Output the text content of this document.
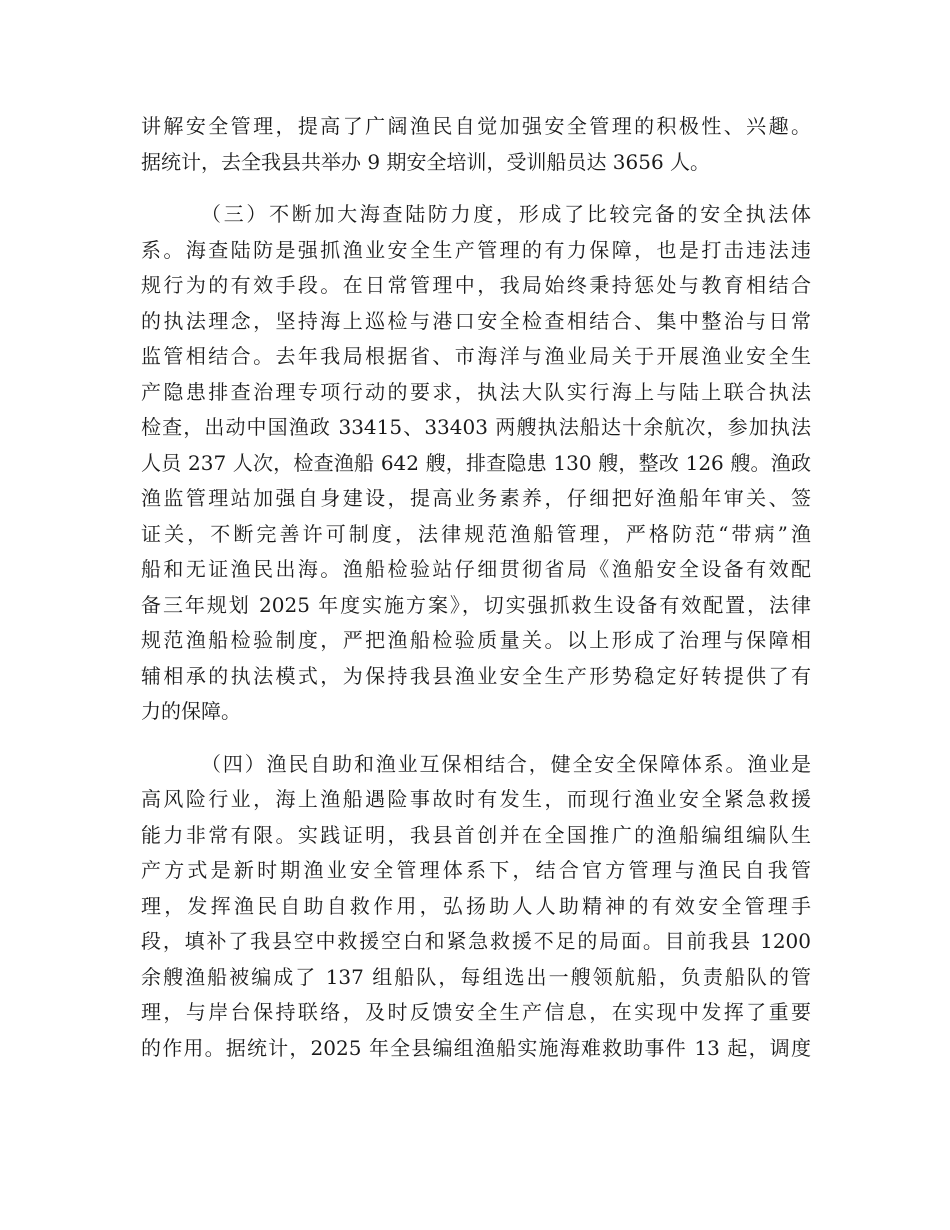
讲解安全管理，提高了广阔渔民自觉加强安全管理的积极性、兴趣。
据统计，去全我县共举办 9 期安全培训，受训船员达 3656 人。
（三）不断加大海查陆防力度，形成了比较完备的安全执法体
系。海查陆防是强抓渔业安全生产管理的有力保障，也是打击违法违
规行为的有效手段。在日常管理中，我局始终秉持惩处与教育相结合
的执法理念，坚持海上巡检与港口安全检查相结合、集中整治与日常
监管相结合。去年我局根据省、市海洋与渔业局关于开展渔业安全生
产隐患排查治理专项行动的要求，执法大队实行海上与陆上联合执法
检查，出动中国渔政 33415、33403 两艘执法船达十余航次，参加执法
人员 237 人次，检查渔船 642 艘，排查隐患 130 艘，整改 126 艘。渔政
渔监管理站加强自身建设，提高业务素养，仔细把好渔船年审关、签
证关，不断完善许可制度，法律规范渔船管理，严格防范“带病”渔
船和无证渔民出海。渔船检验站仔细贯彻省局《渔船安全设备有效配
备三年规划 2025 年度实施方案》，切实强抓救生设备有效配置，法律
规范渔船检验制度，严把渔船检验质量关。以上形成了治理与保障相
辅相承的执法模式，为保持我县渔业安全生产形势稳定好转提供了有
力的保障。
（四）渔民自助和渔业互保相结合，健全安全保障体系。渔业是
高风险行业，海上渔船遇险事故时有发生，而现行渔业安全紧急救援
能力非常有限。实践证明，我县首创并在全国推广的渔船编组编队生
产方式是新时期渔业安全管理体系下，结合官方管理与渔民自我管
理，发挥渔民自助自救作用，弘扬助人人助精神的有效安全管理手
段，填补了我县空中救援空白和紧急救援不足的局面。目前我县 1200
余艘渔船被编成了 137 组船队，每组选出一艘领航船，负责船队的管
理，与岸台保持联络，及时反馈安全生产信息，在实现中发挥了重要
的作用。据统计，2025 年全县编组渔船实施海难救助事件 13 起，调度
